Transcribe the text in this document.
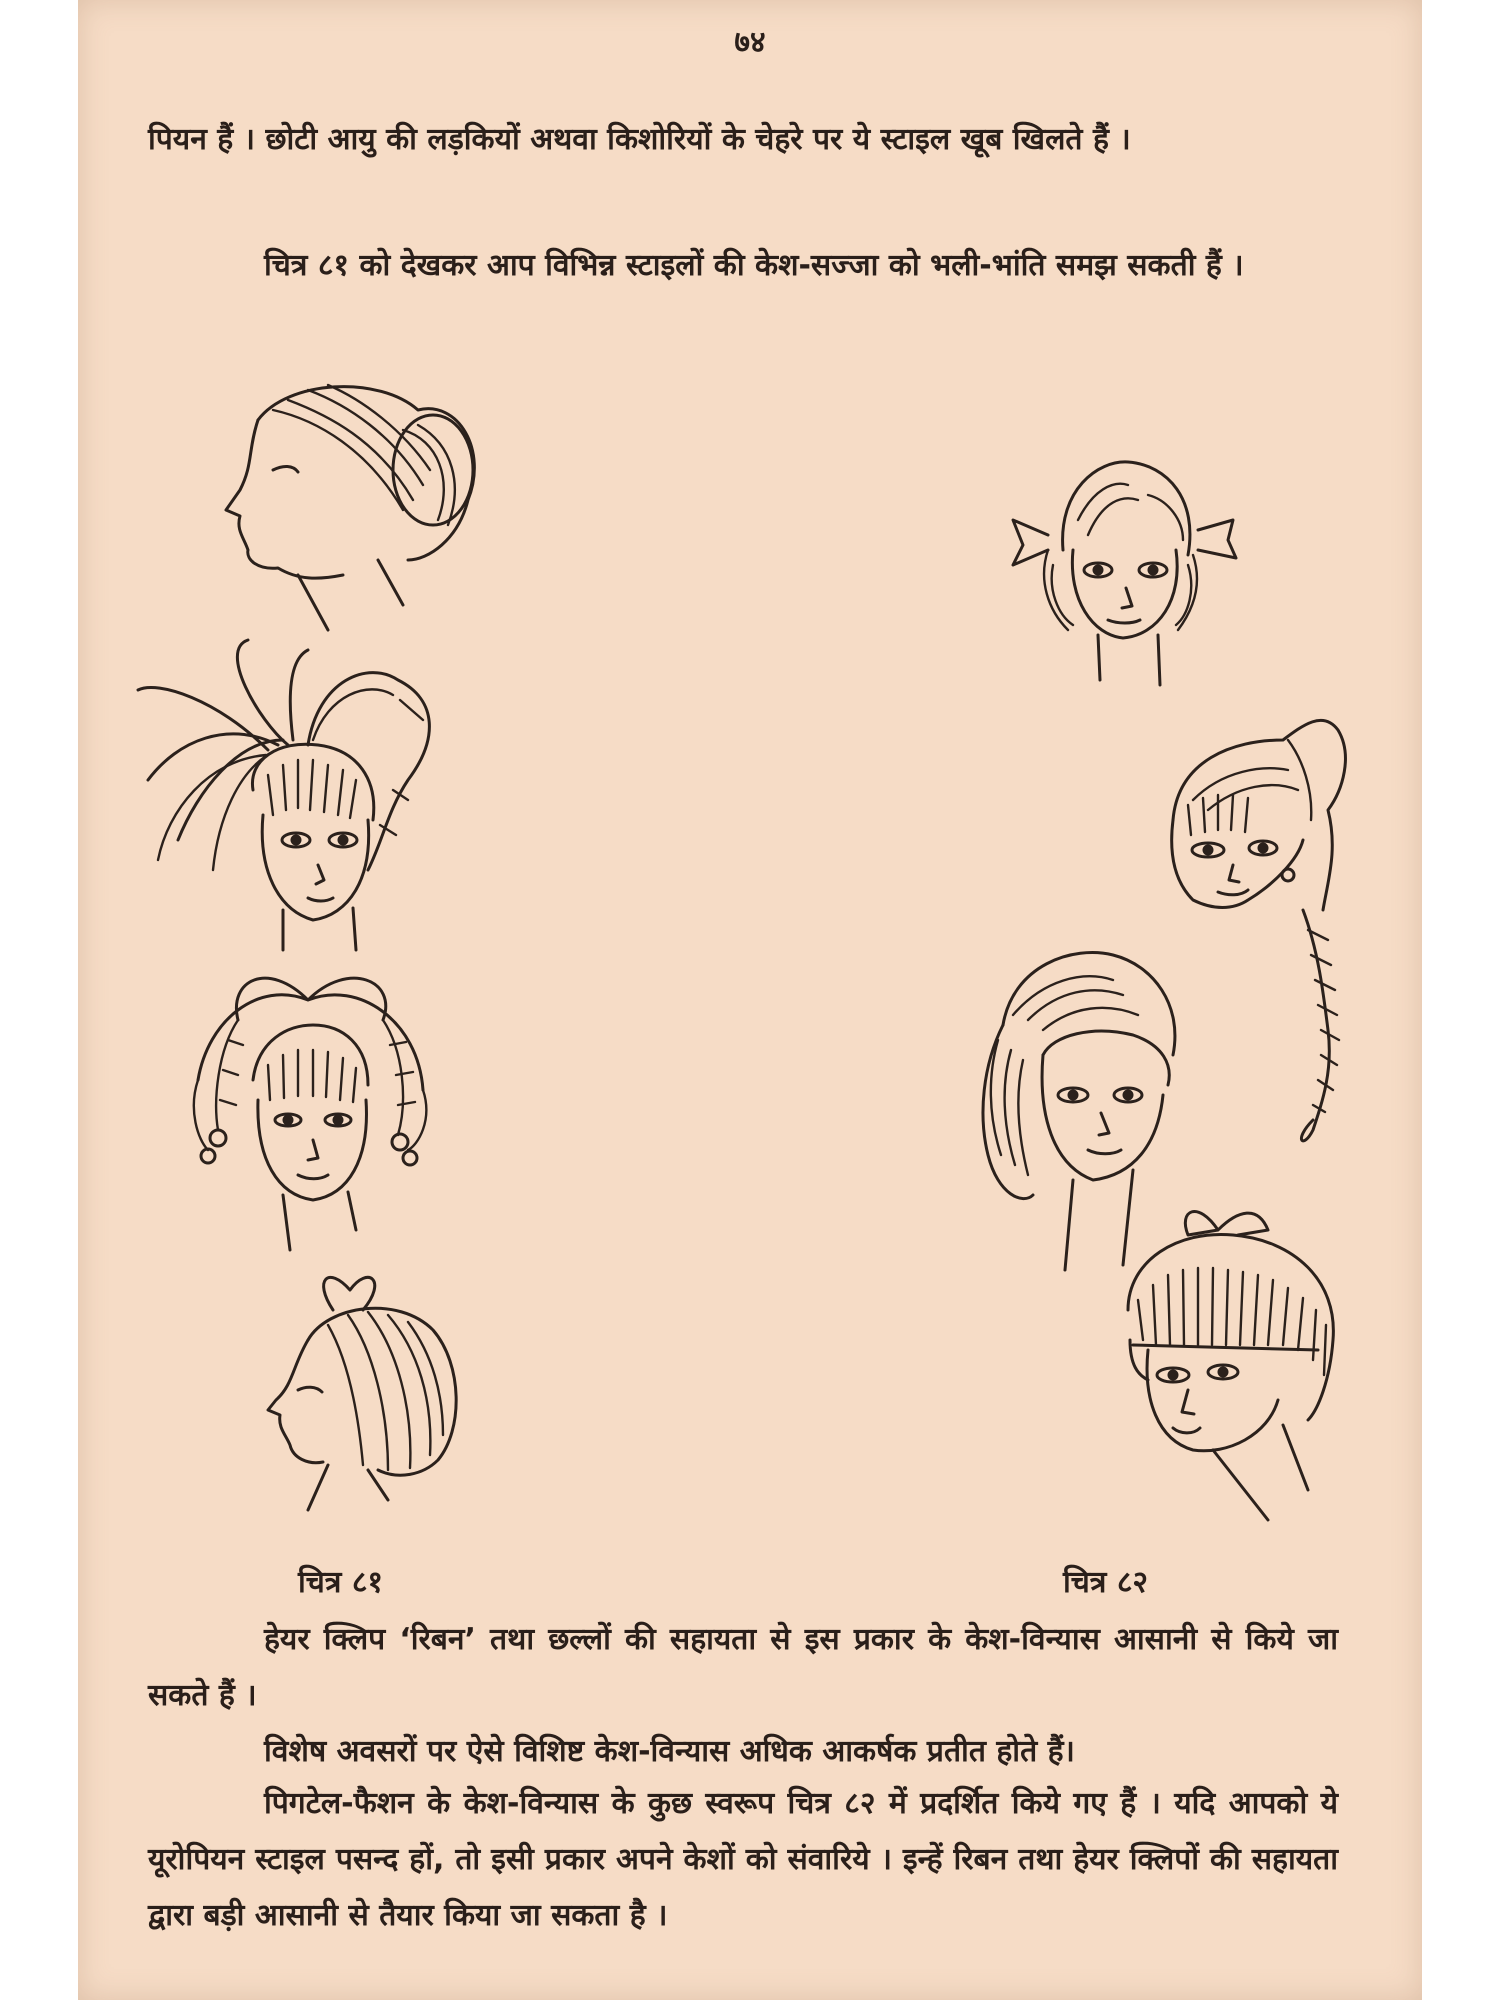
७४

पियन हैं । छोटी आयु की लड़कियों अथवा किशोरियों के चेहरे पर ये स्टाइल खूब खिलते हैं ।

चित्र ८१ को देखकर आप विभिन्न स्टाइलों की केश-सज्जा को भली-भांति समझ सकती हैं ।

चित्र ८१	चित्र ८२

हेयर क्लिप ‘रिबन’ तथा छल्लों की सहायता से इस प्रकार के केश-विन्यास आसानी से किये जा सकते हैं ।

विशेष अवसरों पर ऐसे विशिष्ट केश-विन्यास अधिक आकर्षक प्रतीत होते हैं।

पिगटेल-फैशन के केश-विन्यास के कुछ स्वरूप चित्र ८२ में प्रदर्शित किये गए हैं । यदि आपको ये यूरोपियन स्टाइल पसन्द हों, तो इसी प्रकार अपने केशों को संवारिये । इन्हें रिबन तथा हेयर क्लिपों की सहायता द्वारा बड़ी आसानी से तैयार किया जा सकता है ।
